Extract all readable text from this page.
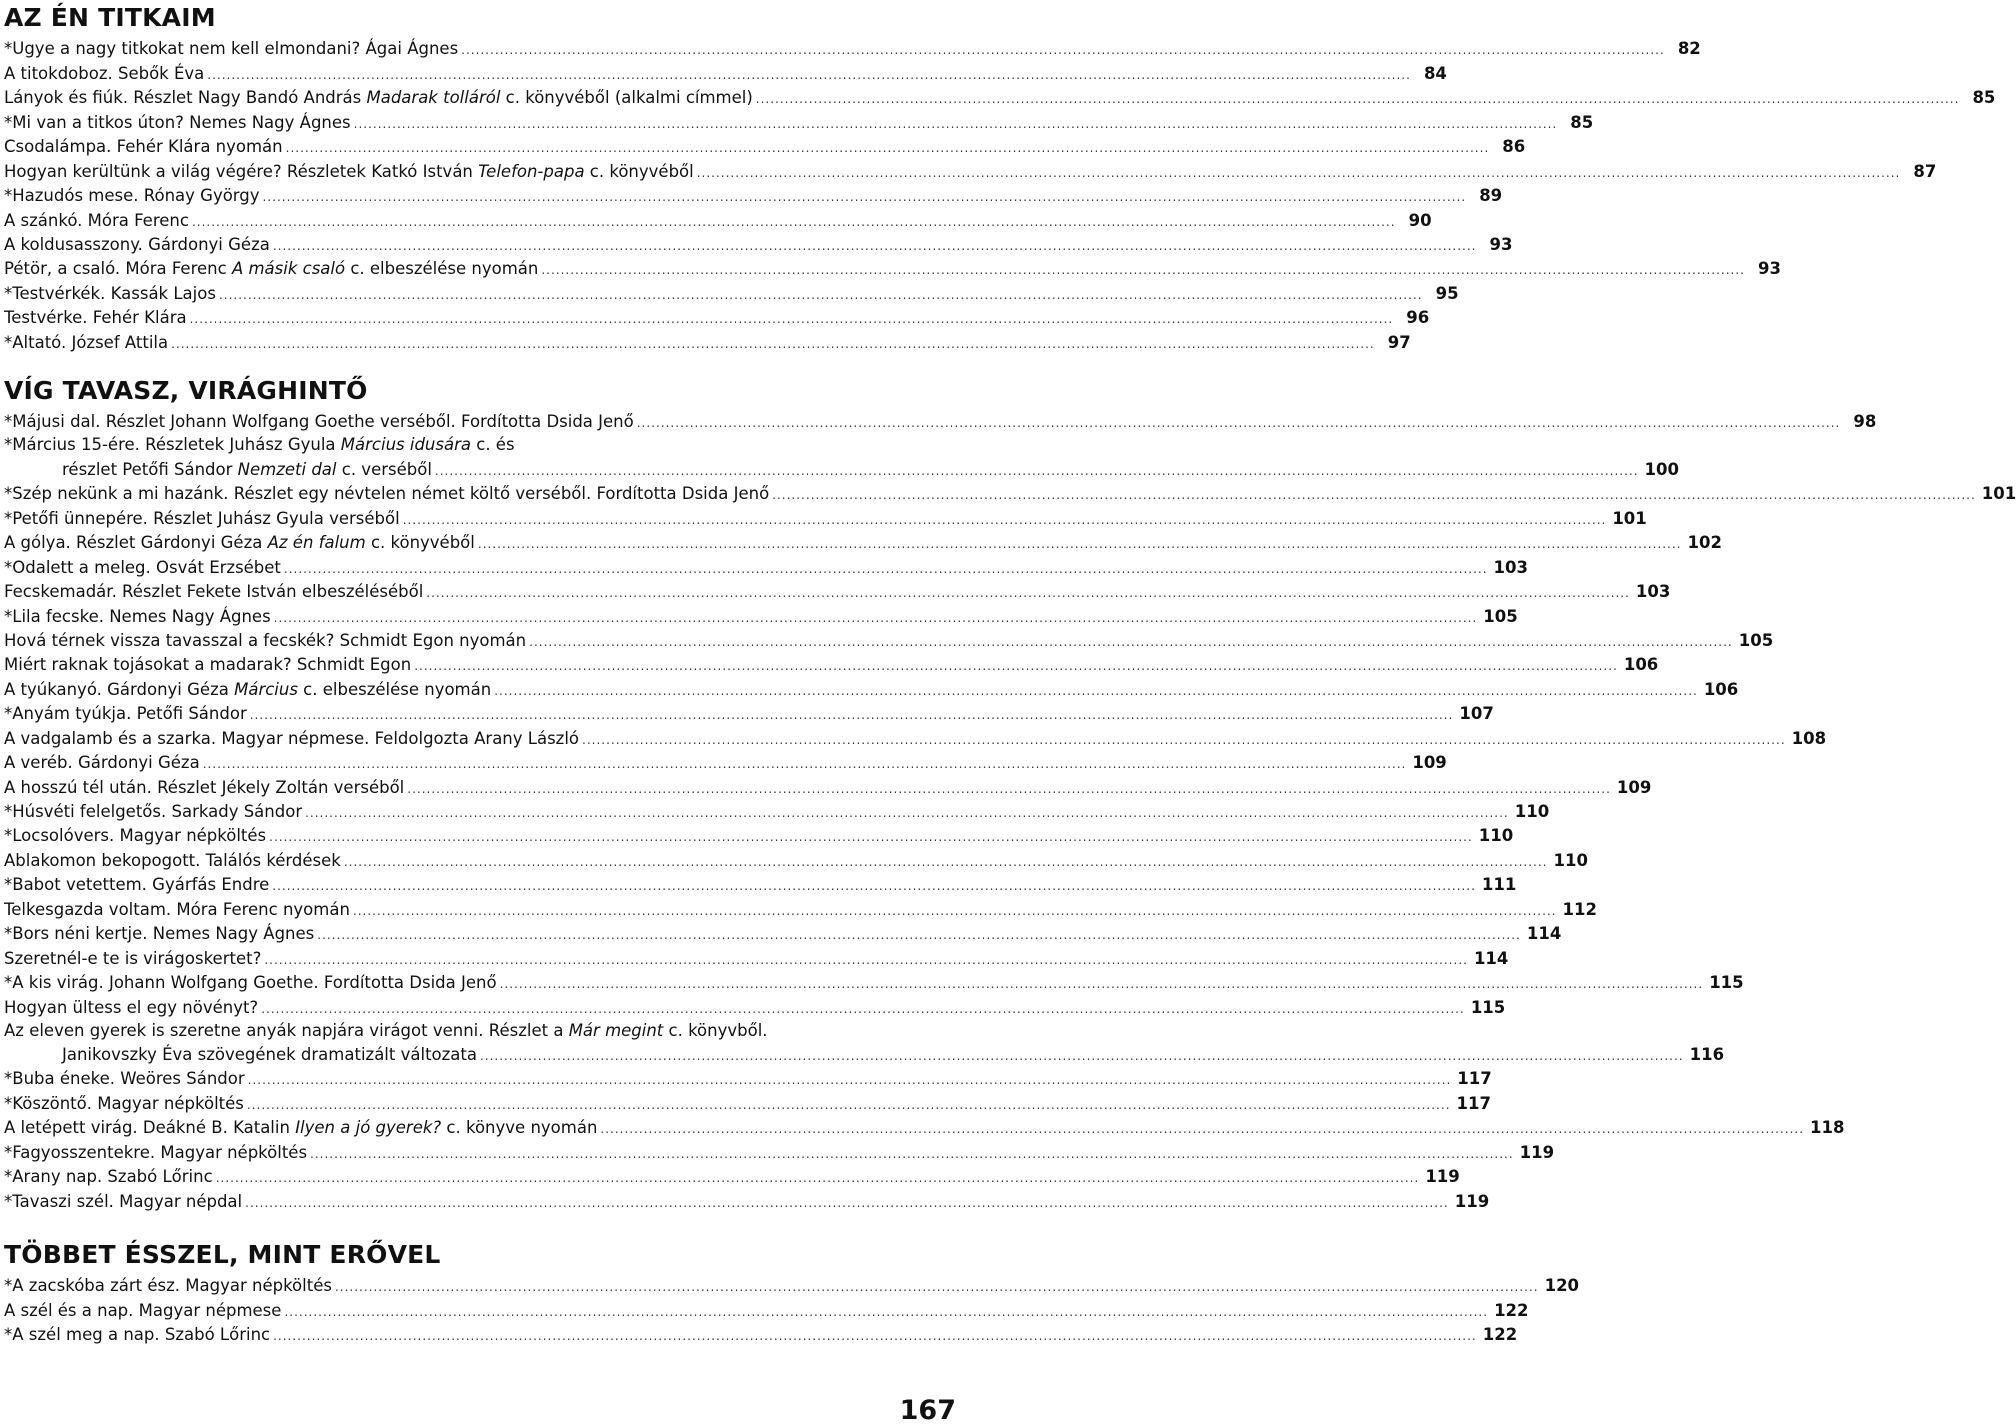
AZ ÉN TITKAIM
*Ugye a nagy titkokat nem kell elmondani? Ágai Ágnes .....	82
A titokdoboz. Sebők Éva .....	84
Lányok és fiúk. Részlet Nagy Bandó András Madarak tolláról c. könyvéből (alkalmi címmel) .....	85
*Mi van a titkos úton? Nemes Nagy Ágnes .....	85
Csodalámpa. Fehér Klára nyomán .....	86
Hogyan kerültünk a világ végére? Részletek Katkó István Telefon-papa c. könyvéből .....	87
*Hazudós mese. Rónay György .....	89
A szánkó. Móra Ferenc .....	90
A koldusasszony. Gárdonyi Géza .....	93
Pétör, a csaló. Móra Ferenc A másik csaló c. elbeszélése nyomán .....	93
*Testvérkék. Kassák Lajos .....	95
Testvérke. Fehér Klára .....	96
*Altató. József Attila .....	97
VÍG TAVASZ, VIRÁGHINTŐ
*Májusi dal. Részlet Johann Wolfgang Goethe verséből. Fordította Dsida Jenő .....	98
*Március 15-ére. Részletek Juhász Gyula Március idusára c. és
részlet Petőfi Sándor Nemzeti dal c. verséből .....	100
*Szép nekünk a mi hazánk. Részlet egy névtelen német költő verséből. Fordította Dsida Jenő .....	101
*Petőfi ünnepére. Részlet Juhász Gyula verséből .....	101
A gólya. Részlet Gárdonyi Géza Az én falum c. könyvéből .....	102
*Odalett a meleg. Osvát Erzsébet .....	103
Fecskemadár. Részlet Fekete István elbeszéléséből .....	103
*Lila fecske. Nemes Nagy Ágnes .....	105
Hová térnek vissza tavasszal a fecskék? Schmidt Egon nyomán .....	105
Miért raknak tojásokat a madarak? Schmidt Egon .....	106
A tyúkanyó. Gárdonyi Géza Március c. elbeszélése nyomán .....	106
*Anyám tyúkja. Petőfi Sándor .....	107
A vadgalamb és a szarka. Magyar népmese. Feldolgozta Arany László .....	108
A veréb. Gárdonyi Géza .....	109
A hosszú tél után. Részlet Jékely Zoltán verséből .....	109
*Húsvéti felelgetős. Sarkady Sándor .....	110
*Locsolóvers. Magyar népköltés .....	110
Ablakomon bekopogott. Találós kérdések .....	110
*Babot vetettem. Gyárfás Endre .....	111
Telkesgazda voltam. Móra Ferenc nyomán .....	112
*Bors néni kertje. Nemes Nagy Ágnes .....	114
Szeretnél-e te is virágoskertet? .....	114
*A kis virág. Johann Wolfgang Goethe. Fordította Dsida Jenő .....	115
Hogyan ültess el egy növényt? .....	115
Az eleven gyerek is szeretne anyák napjára virágot venni. Részlet a Már megint c. könyvből.
Janikovszky Éva szövegének dramatizált változata .....	116
*Buba éneke. Weöres Sándor .....	117
*Köszöntő. Magyar népköltés .....	117
A letépett virág. Deákné B. Katalin Ilyen a jó gyerek? c. könyve nyomán .....	118
*Fagyosszentekre. Magyar népköltés .....	119
*Arany nap. Szabó Lőrinc .....	119
*Tavaszi szél. Magyar népdal .....	119
TÖBBET ÉSSZEL, MINT ERŐVEL
*A zacskóba zárt ész. Magyar népköltés .....	120
A szél és a nap. Magyar népmese .....	122
*A szél meg a nap. Szabó Lőrinc .....	122
167
